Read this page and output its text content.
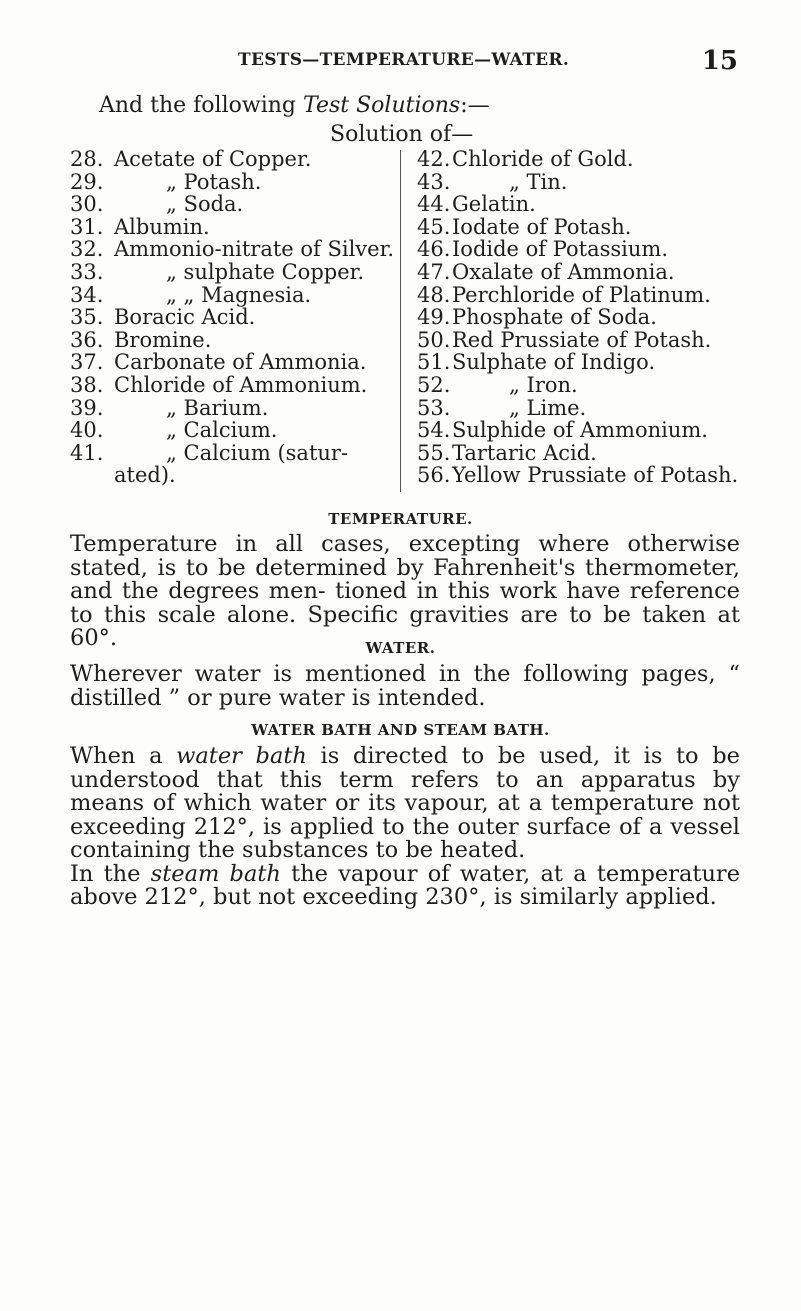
TESTS—TEMPERATURE—WATER.	15
And the following Test Solutions:—
Solution of—
28. Acetate of Copper.
29.	„ Potash.
30.	„ Soda.
31. Albumin.
32. Ammonio-nitrate of Silver.
33.	„ sulphate Copper.
34.	„ „ Magnesia.
35. Boracic Acid.
36. Bromine.
37. Carbonate of Ammonia.
38. Chloride of Ammonium.
39.	„ Barium.
40.	„ Calcium.
41.	„ Calcium (satur-
ated).
42. Chloride of Gold.
43.	„ Tin.
44. Gelatin.
45. Iodate of Potash.
46. Iodide of Potassium.
47. Oxalate of Ammonia.
48. Perchloride of Platinum.
49. Phosphate of Soda.
50. Red Prussiate of Potash.
51. Sulphate of Indigo.
52.	„ Iron.
53.	„ Lime.
54. Sulphide of Ammonium.
55. Tartaric Acid.
56. Yellow Prussiate of Potash.
TEMPERATURE.

Temperature in all cases, excepting where otherwise stated, is to be determined by Fahrenheit's thermometer, and the degrees men- tioned in this work have reference to this scale alone. Specific gravities are to be taken at 60°.	WATER.

Wherever water is mentioned in the following pages, “ distilled ” or pure water is intended.

WATER BATH AND STEAM BATH.

When a water bath is directed to be used, it is to be understood that this term refers to an apparatus by means of which water or its vapour, at a temperature not exceeding 212°, is applied to the outer surface of a vessel containing the substances to be heated.

In the steam bath the vapour of water, at a temperature above 212°, but not exceeding 230°, is similarly applied.
